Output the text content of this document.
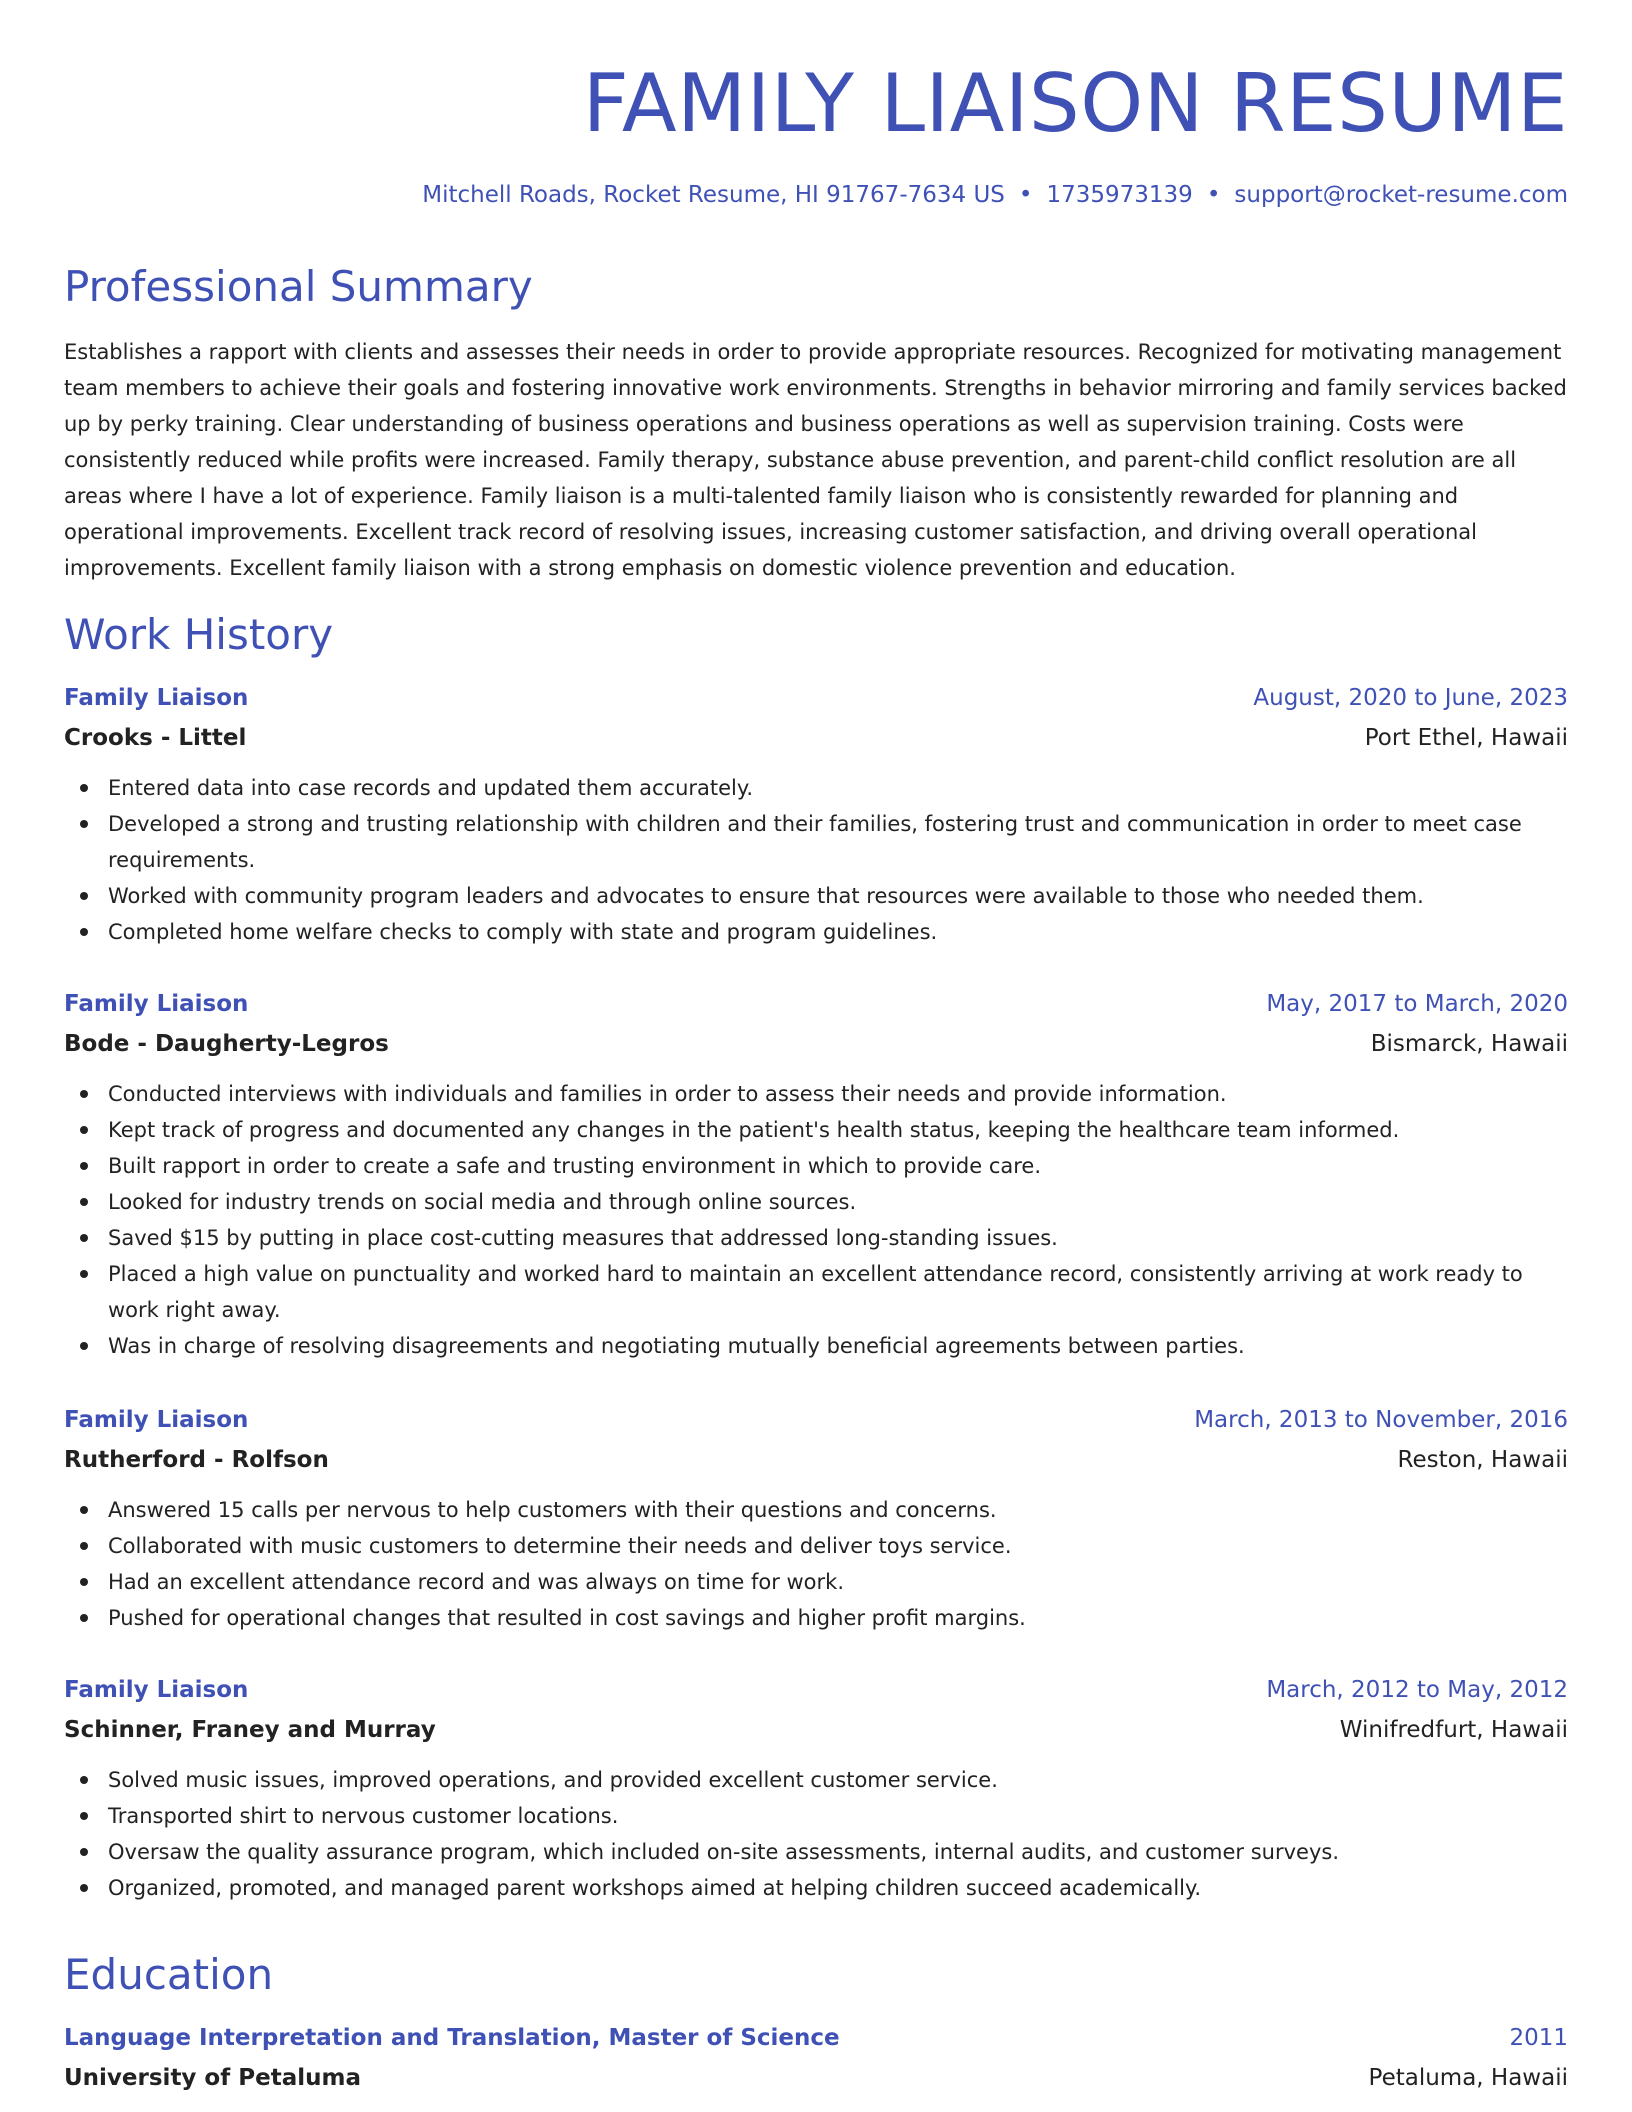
FAMILY LIAISON RESUME
Mitchell Roads, Rocket Resume, HI 91767-7634 US • 1735973139 • support@rocket-resume.com
Professional Summary

Establishes a rapport with clients and assesses their needs in order to provide appropriate resources. Recognized for motivating management team members to achieve their goals and fostering innovative work environments. Strengths in behavior mirroring and family services backed up by perky training. Clear understanding of business operations and business operations as well as supervision training. Costs were consistently reduced while profits were increased. Family therapy, substance abuse prevention, and parent-child conflict resolution are all areas where I have a lot of experience. Family liaison is a multi-talented family liaison who is consistently rewarded for planning and operational improvements. Excellent track record of resolving issues, increasing customer satisfaction, and driving overall operational improvements. Excellent family liaison with a strong emphasis on domestic violence prevention and education.

Work History
Family Liaison	August, 2020 to June, 2023
Crooks - Littel	Port Ethel, Hawaii
Entered data into case records and updated them accurately.
Developed a strong and trusting relationship with children and their families, fostering trust and communication in order to meet case requirements.
Worked with community program leaders and advocates to ensure that resources were available to those who needed them.
Completed home welfare checks to comply with state and program guidelines.
Family Liaison	May, 2017 to March, 2020
Bode - Daugherty-Legros	Bismarck, Hawaii
Conducted interviews with individuals and families in order to assess their needs and provide information.
Kept track of progress and documented any changes in the patient's health status, keeping the healthcare team informed.
Built rapport in order to create a safe and trusting environment in which to provide care.
Looked for industry trends on social media and through online sources.
Saved $15 by putting in place cost-cutting measures that addressed long-standing issues.
Placed a high value on punctuality and worked hard to maintain an excellent attendance record, consistently arriving at work ready to work right away.
Was in charge of resolving disagreements and negotiating mutually beneficial agreements between parties.
Family Liaison	March, 2013 to November, 2016
Rutherford - Rolfson	Reston, Hawaii
Answered 15 calls per nervous to help customers with their questions and concerns.
Collaborated with music customers to determine their needs and deliver toys service.
Had an excellent attendance record and was always on time for work.
Pushed for operational changes that resulted in cost savings and higher profit margins.
Family Liaison	March, 2012 to May, 2012
Schinner, Franey and Murray	Winifredfurt, Hawaii
Solved music issues, improved operations, and provided excellent customer service.
Transported shirt to nervous customer locations.
Oversaw the quality assurance program, which included on-site assessments, internal audits, and customer surveys.
Organized, promoted, and managed parent workshops aimed at helping children succeed academically.
Education
Language Interpretation and Translation, Master of Science	2011
University of Petaluma	Petaluma, Hawaii
